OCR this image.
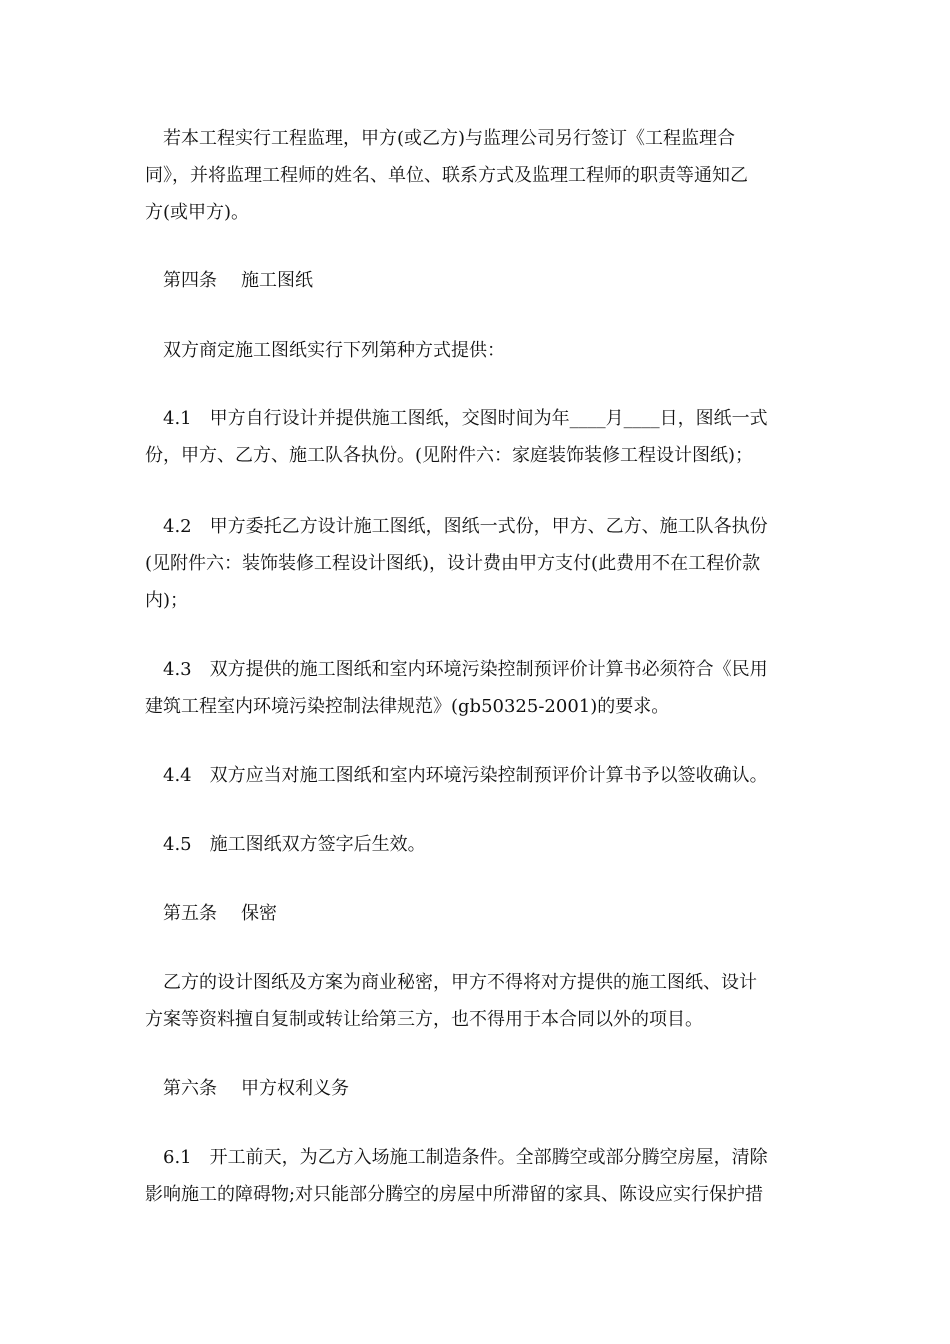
若本工程实行工程监理，甲方(或乙方)与监理公司另行签订《工程监理合
同》，并将监理工程师的姓名、单位、联系方式及监理工程师的职责等通知乙
方(或甲方)。
第四条 施工图纸
双方商定施工图纸实行下列第种方式提供：
4.1　甲方自行设计并提供施工图纸，交图时间为年____月____日，图纸一式
份，甲方、乙方、施工队各执份。(见附件六：家庭装饰装修工程设计图纸)；
4.2　甲方委托乙方设计施工图纸，图纸一式份，甲方、乙方、施工队各执份
(见附件六：装饰装修工程设计图纸)，设计费由甲方支付(此费用不在工程价款
内)；
4.3　双方提供的施工图纸和室内环境污染控制预评价计算书必须符合《民用
建筑工程室内环境污染控制法律规范》(gb50325-2001)的要求。
4.4　双方应当对施工图纸和室内环境污染控制预评价计算书予以签收确认。
4.5　施工图纸双方签字后生效。
第五条 保密
乙方的设计图纸及方案为商业秘密，甲方不得将对方提供的施工图纸、设计
方案等资料擅自复制或转让给第三方，也不得用于本合同以外的项目。
第六条 甲方权利义务
6.1　开工前天，为乙方入场施工制造条件。全部腾空或部分腾空房屋，清除
影响施工的障碍物;对只能部分腾空的房屋中所滞留的家具、陈设应实行保护措
